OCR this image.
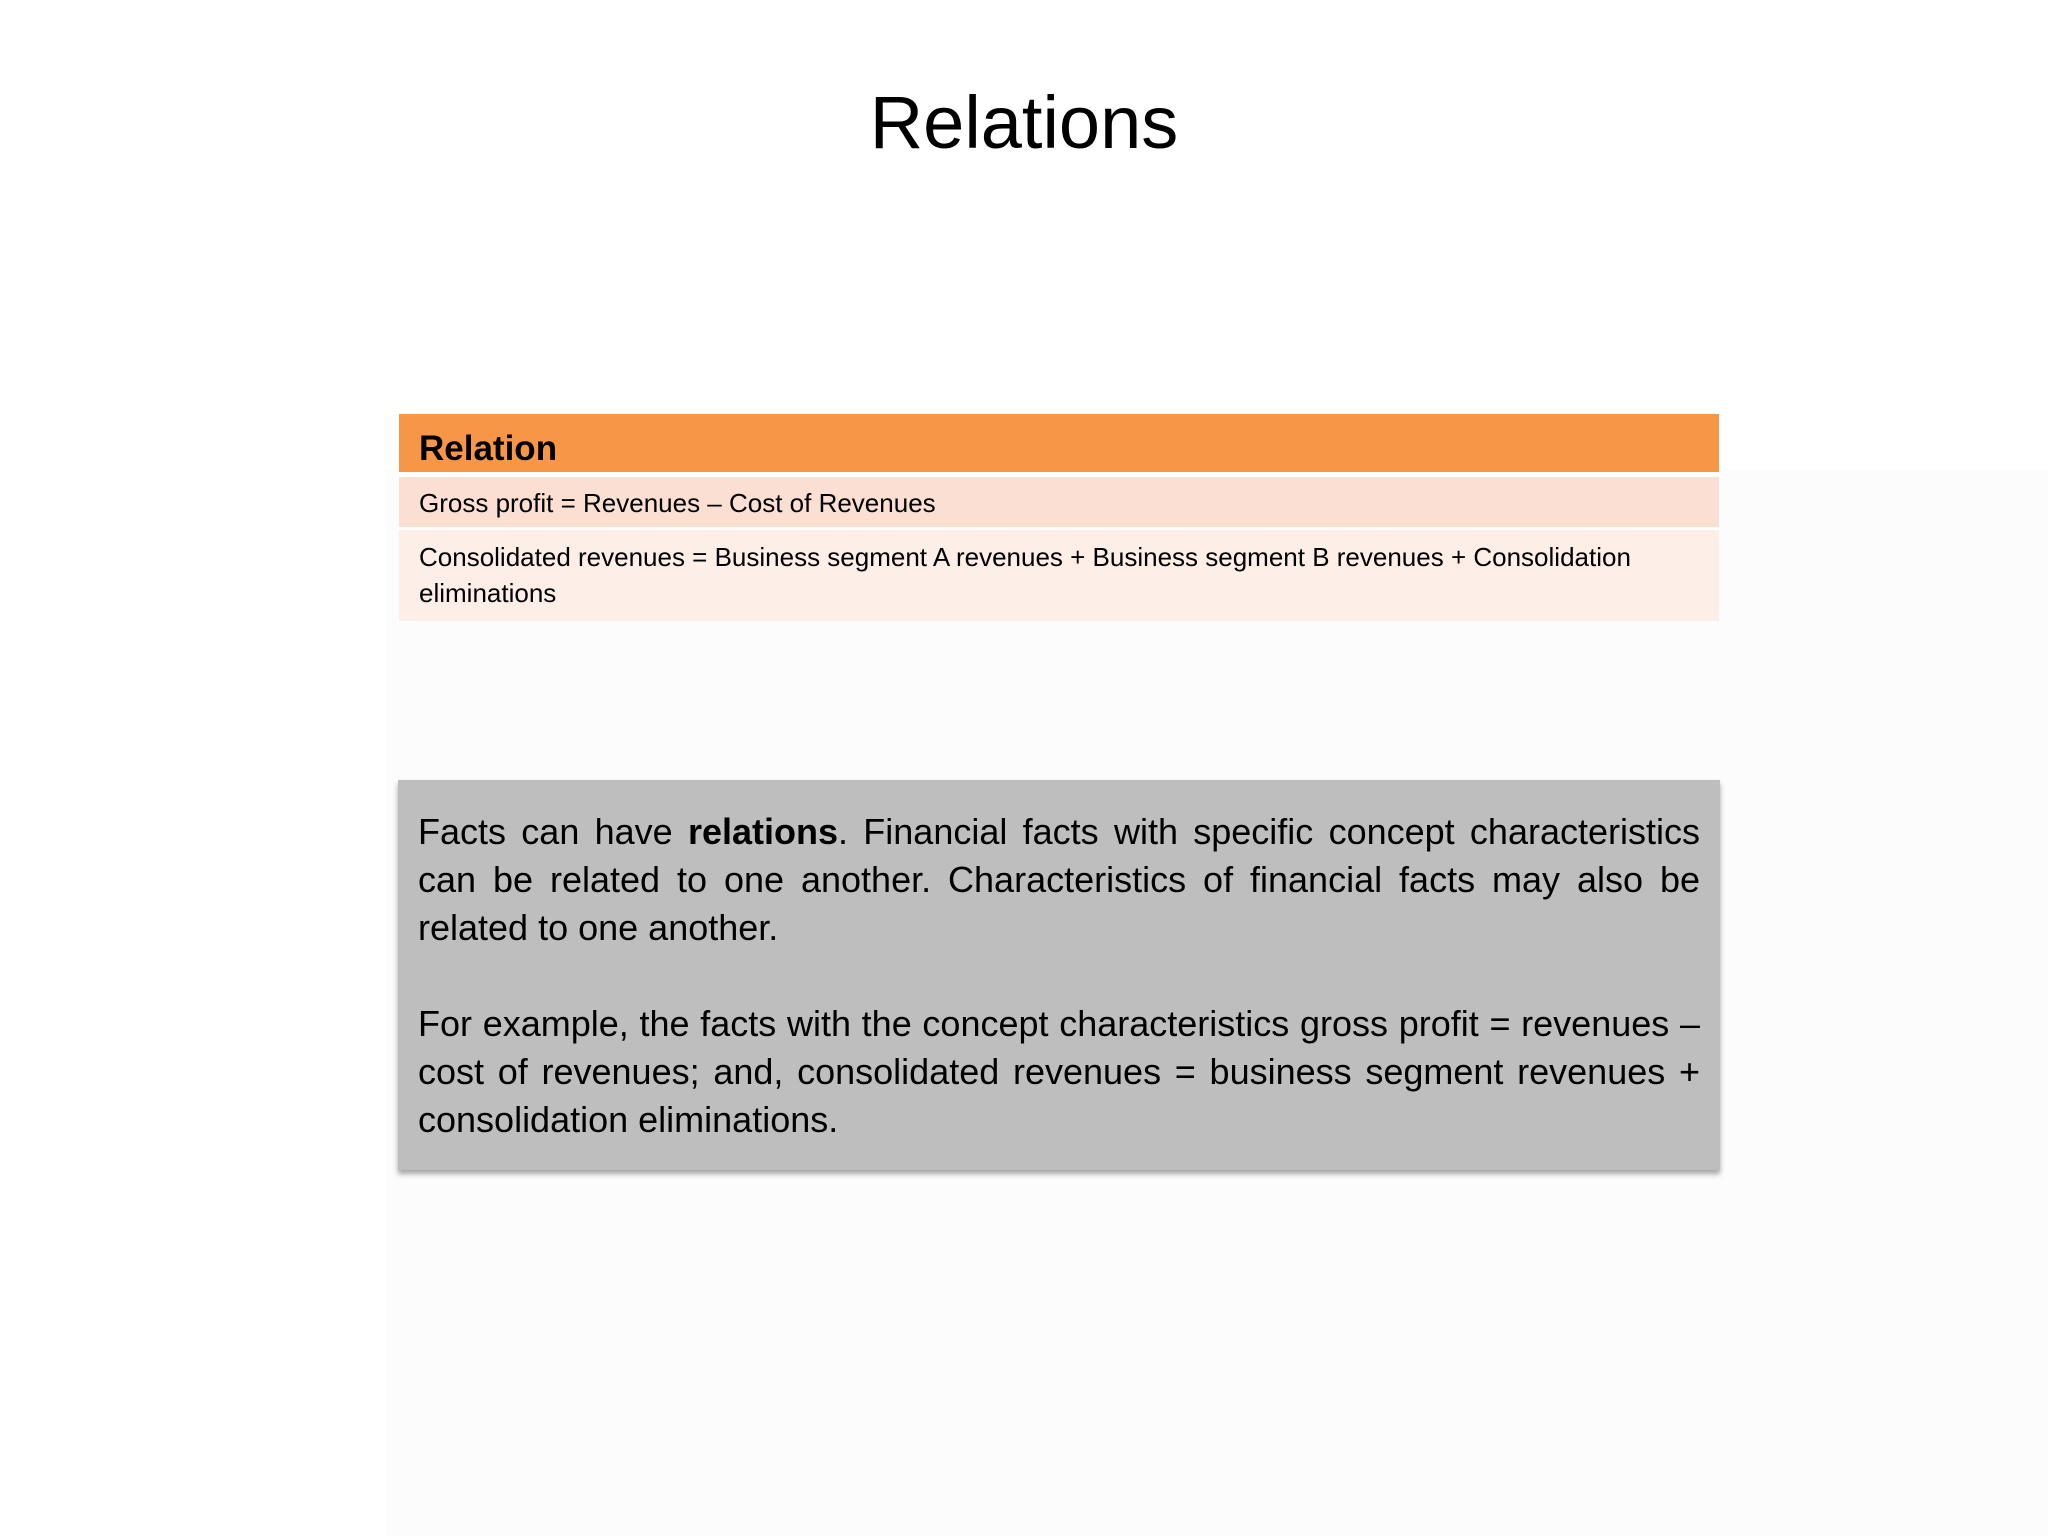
Relations
Relation
Gross profit = Revenues – Cost of Revenues
Consolidated revenues = Business segment A revenues + Business segment B revenues + Consolidation eliminations

Facts can have relations. Financial facts with specific concept characteristics can be related to one another. Characteristics of financial facts may also be related to one another.

For example, the facts with the concept characteristics gross profit = revenues – cost of revenues; and, consolidated revenues = business segment revenues + consolidation eliminations.
